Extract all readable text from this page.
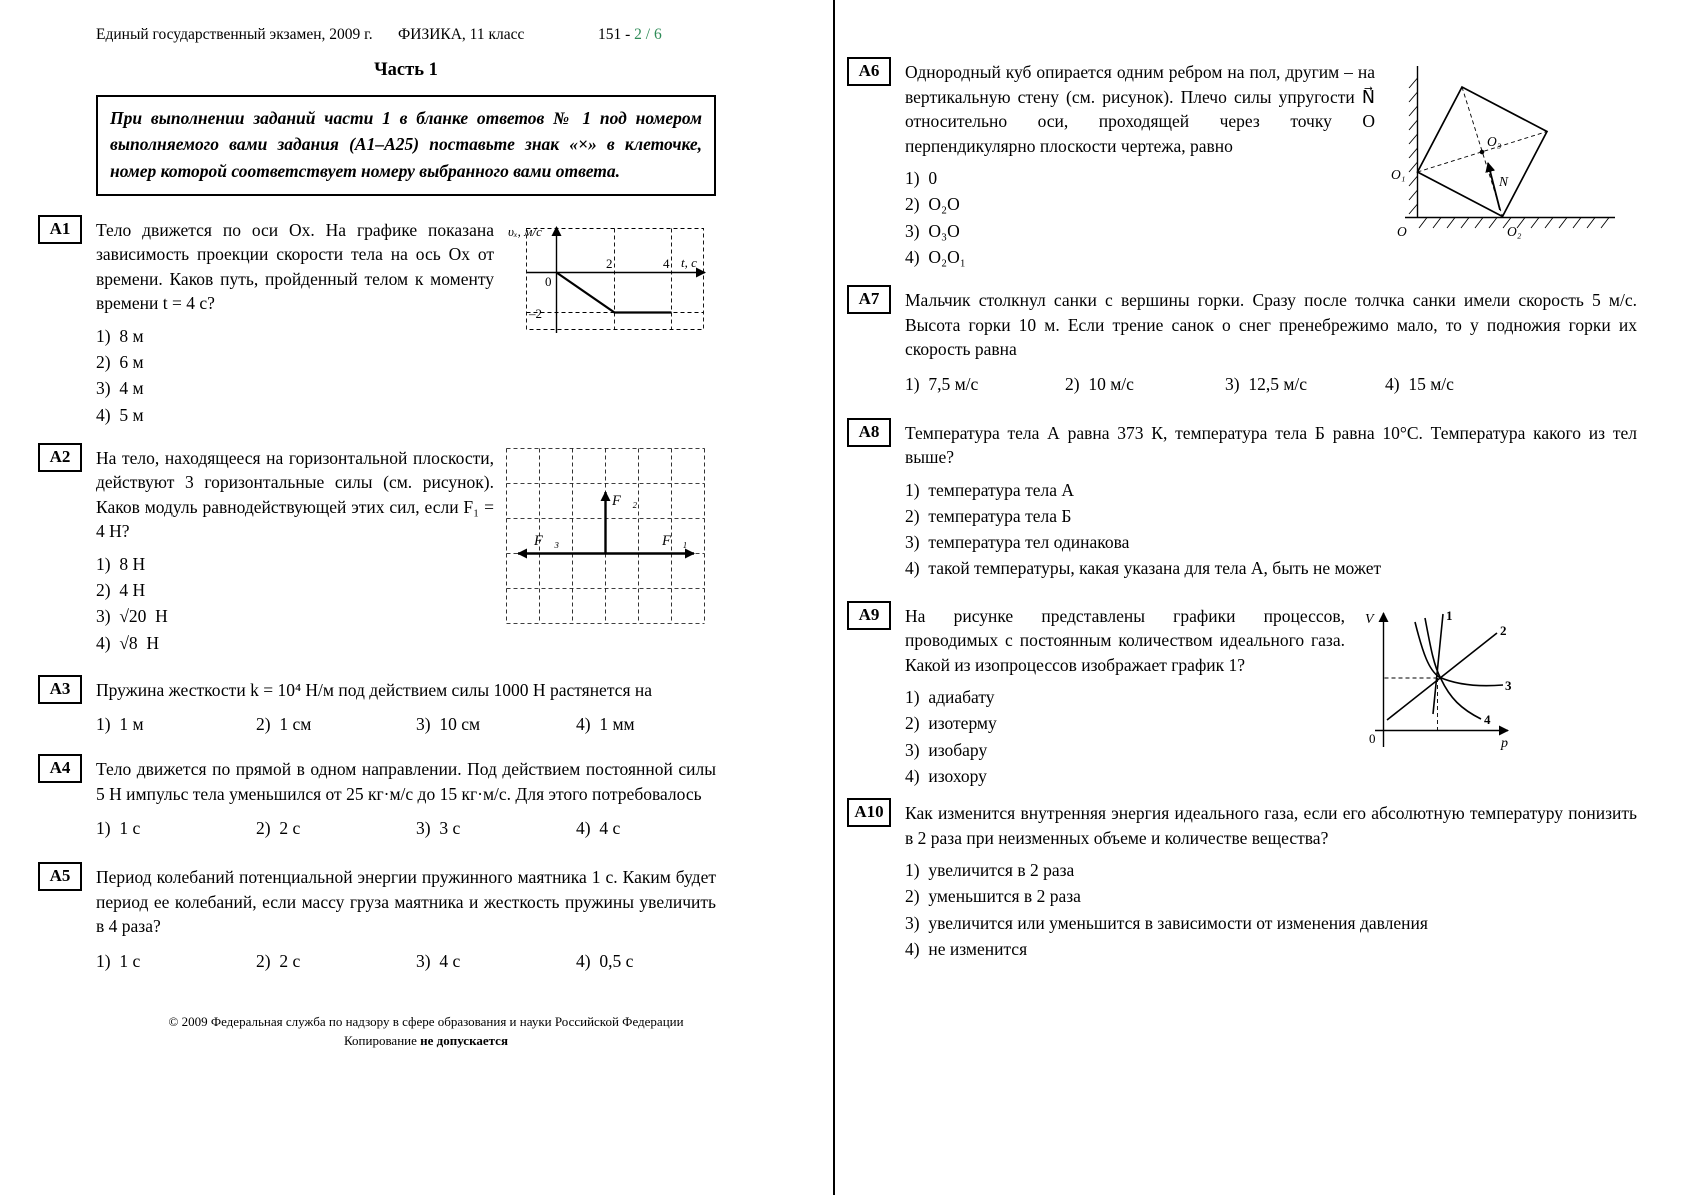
Единый государственный экзамен, 2009 г. ФИЗИКА, 11 класс	151 - 2 / 6
Часть 1
При выполнении заданий части 1 в бланке ответов № 1 под номером выполняемого вами задания (А1–А25) поставьте знак «×» в клеточке, номер которой соответствует номеру выбранного вами ответа.
А1	Тело движется по оси Ox. На графике показана зависимость проекции скорости тела на ось Ox от времени. Каков путь, пройденный телом к моменту времени t = 4 с?

1)  8 м
2)  6 м
3)  4 м
4)  5 м
υₓ, м/с
t, с
0
2	4
–2
А2	На тело, находящееся на горизонтальной плоскости, действуют 3 горизонтальные силы (см. рисунок). Каков модуль равнодействующей этих сил, если F₁ = 4 Н?

1)  8 Н
2)  4 Н
3)  √20  Н
4)  √8  Н
F⃗₂
F⃗₃	F⃗₁
А3	Пружина жесткости k = 10⁴ Н/м под действием силы 1000 Н растянется на

1)  1 м	2)  1 см	3)  10 см	4)  1 мм
А4	Тело движется по прямой в одном направлении. Под действием постоянной силы 5 Н импульс тела уменьшился от 25 кг·м/с до 15 кг·м/с. Для этого потребовалось

1)  1 с	2)  2 с	3)  3 с	4)  4 с
А5	Период колебаний потенциальной энергии пружинного маятника 1 с. Каким будет период ее колебаний, если массу груза маятника и жесткость пружины увеличить в 4 раза?

1)  1 с	2)  2 с	3)  4 с	4)  0,5 с
© 2009 Федеральная служба по надзору в сфере образования и науки Российской Федерации
Копирование не допускается
А6	Однородный куб опирается одним ребром на пол, другим – на вертикальную стену (см. рисунок). Плечо силы упругости N⃗ относительно оси, проходящей через точку O перпендикулярно плоскости чертежа, равно

1)  0
2)  O₂O
3)  O₃O
4)  O₂O₁
O₃
N⃗
O₁
O	O₂
А7	Мальчик столкнул санки с вершины горки. Сразу после толчка санки имели скорость 5 м/с. Высота горки 10 м. Если трение санок о снег пренебрежимо мало, то у подножия горки их скорость равна

1)  7,5 м/с	2)  10 м/с	3)  12,5 м/с	4)  15 м/с
А8	Температура тела А равна 373 К, температура тела Б равна 10°С. Температура какого из тел выше?

1)  температура тела А
2)  температура тела Б
3)  температура тел одинакова
4)  такой температуры, какая указана для тела А, быть не может
А9	На рисунке представлены графики процессов, проводимых с постоянным количеством идеального газа. Какой из изопроцессов изображает график 1?

1)  адиабату
2)  изотерму
3)  изобару
4)  изохору
1
2
3
4
V
p
0
А10	Как изменится внутренняя энергия идеального газа, если его абсолютную температуру понизить в 2 раза при неизменных объеме и количестве вещества?

1)  увеличится в 2 раза
2)  уменьшится в 2 раза
3)  увеличится или уменьшится в зависимости от изменения давления
4)  не изменится
